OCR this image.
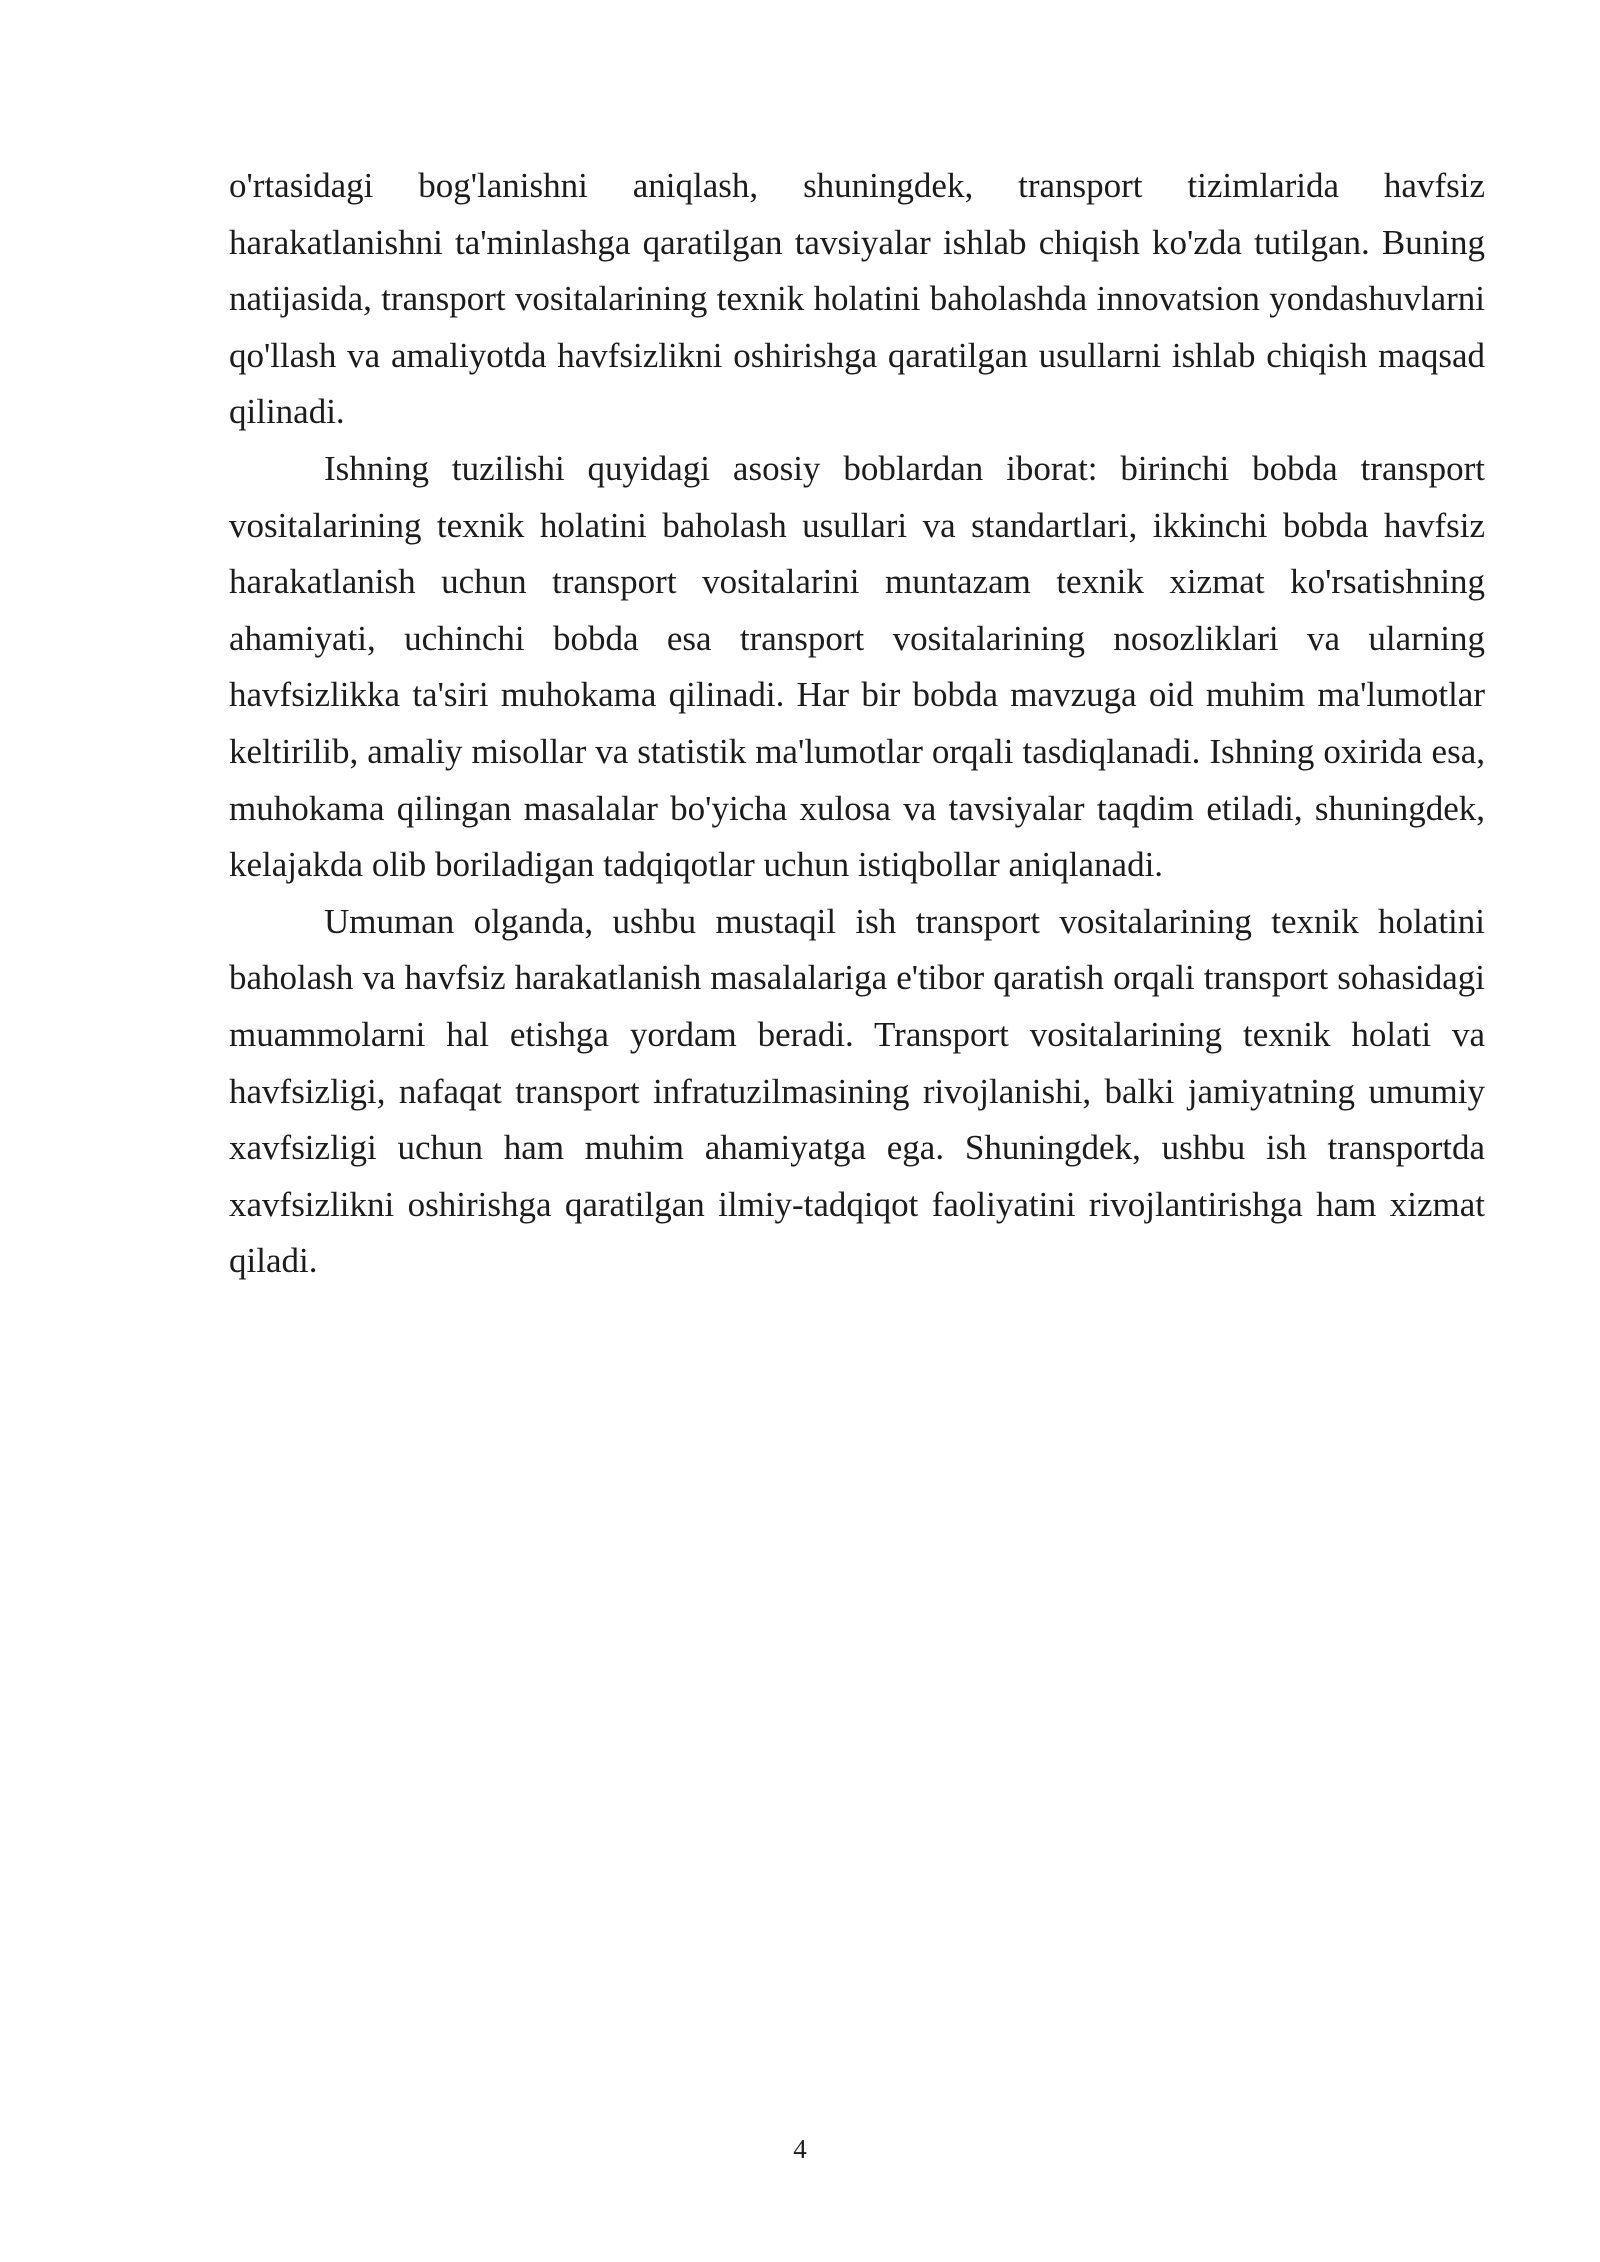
o'rtasidagi bog'lanishni aniqlash, shuningdek, transport tizimlarida havfsiz harakatlanishni ta'minlashga qaratilgan tavsiyalar ishlab chiqish ko'zda tutilgan. Buning natijasida, transport vositalarining texnik holatini baholashda innovatsion yondashuvlarni qo'llash va amaliyotda havfsizlikni oshirishga qaratilgan usullarni ishlab chiqish maqsad qilinadi.

Ishning tuzilishi quyidagi asosiy boblardan iborat: birinchi bobda transport vositalarining texnik holatini baholash usullari va standartlari, ikkinchi bobda havfsiz harakatlanish uchun transport vositalarini muntazam texnik xizmat ko'rsatishning ahamiyati, uchinchi bobda esa transport vositalarining nosozliklari va ularning havfsizlikka ta'siri muhokama qilinadi. Har bir bobda mavzuga oid muhim ma'lumotlar keltirilib, amaliy misollar va statistik ma'lumotlar orqali tasdiqlanadi. Ishning oxirida esa, muhokama qilingan masalalar bo'yicha xulosa va tavsiyalar taqdim etiladi, shuningdek, kelajakda olib boriladigan tadqiqotlar uchun istiqbollar aniqlanadi.

Umuman olganda, ushbu mustaqil ish transport vositalarining texnik holatini baholash va havfsiz harakatlanish masalalariga e'tibor qaratish orqali transport sohasidagi muammolarni hal etishga yordam beradi. Transport vositalarining texnik holati va havfsizligi, nafaqat transport infratuzilmasining rivojlanishi, balki jamiyatning umumiy xavfsizligi uchun ham muhim ahamiyatga ega. Shuningdek, ushbu ish transportda xavfsizlikni oshirishga qaratilgan ilmiy-tadqiqot faoliyatini rivojlantirishga ham xizmat qiladi.

4
